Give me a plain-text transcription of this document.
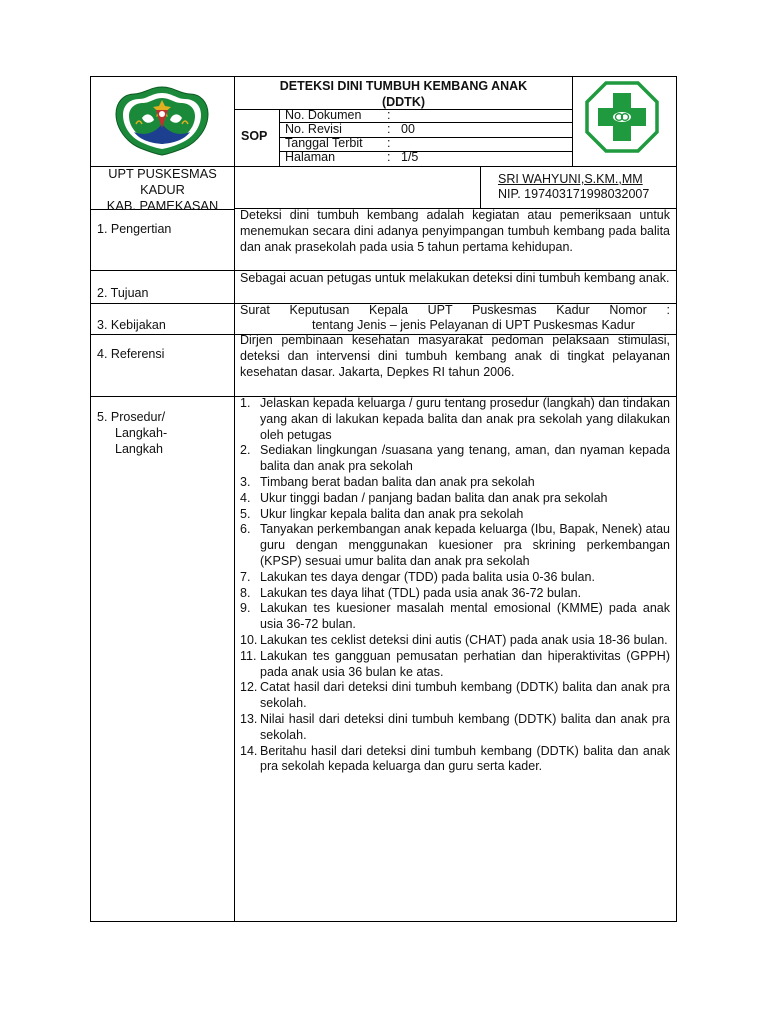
DETEKSI DINI TUMBUH KEMBANG ANAK
(DDTK)
SOP
No. Dokumen :
No. Revisi	: 00
Tanggal Terbit :
Halaman	: 1/5
UPT PUSKESMAS
KADUR
KAB. PAMEKASAN
SRI WAHYUNI,S.KM.,MM
NIP. 197403171998032007
1. Pengertian
Deteksi dini tumbuh kembang adalah kegiatan atau pemeriksaan untuk menemukan secara dini adanya penyimpangan tumbuh kembang pada balita dan anak prasekolah pada usia 5 tahun pertama kehidupan.
2. Tujuan
Sebagai acuan petugas untuk melakukan deteksi dini tumbuh kembang anak.
3. Kebijakan
Surat Keputusan Kepala UPT Puskesmas Kadur Nomor :
tentang Jenis – jenis Pelayanan di UPT Puskesmas Kadur
4. Referensi
Dirjen pembinaan kesehatan masyarakat pedoman pelaksaan stimulasi, deteksi dan intervensi dini tumbuh kembang anak di tingkat pelayanan kesehatan dasar. Jakarta, Depkes RI tahun 2006.
5. Prosedur/
Langkah-
Langkah
1. Jelaskan kepada keluarga / guru tentang prosedur (langkah) dan tindakan yang akan di lakukan kepada balita dan anak pra sekolah yang dilakukan oleh petugas
2. Sediakan lingkungan /suasana yang tenang, aman, dan nyaman kepada balita dan anak pra sekolah
3. Timbang berat badan balita dan anak pra sekolah
4. Ukur tinggi badan / panjang badan balita dan anak pra sekolah
5. Ukur lingkar kepala balita dan anak pra sekolah
6. Tanyakan perkembangan anak kepada keluarga (Ibu, Bapak, Nenek) atau guru dengan menggunakan kuesioner pra skrining perkembangan (KPSP) sesuai umur balita dan anak pra sekolah
7. Lakukan tes daya dengar (TDD) pada balita usia 0-36 bulan.
8. Lakukan tes daya lihat (TDL) pada usia anak 36-72 bulan.
9. Lakukan tes kuesioner masalah mental emosional (KMME) pada anak usia 36-72 bulan.
10. Lakukan tes ceklist deteksi dini autis (CHAT) pada anak usia 18-36 bulan.
11. Lakukan tes gangguan pemusatan perhatian dan hiperaktivitas (GPPH) pada anak usia 36 bulan ke atas.
12. Catat hasil dari deteksi dini tumbuh kembang (DDTK) balita dan anak pra sekolah.
13. Nilai hasil dari deteksi dini tumbuh kembang (DDTK) balita dan anak pra sekolah.
14. Beritahu hasil dari deteksi dini tumbuh kembang (DDTK) balita dan anak pra sekolah kepada keluarga dan guru serta kader.
